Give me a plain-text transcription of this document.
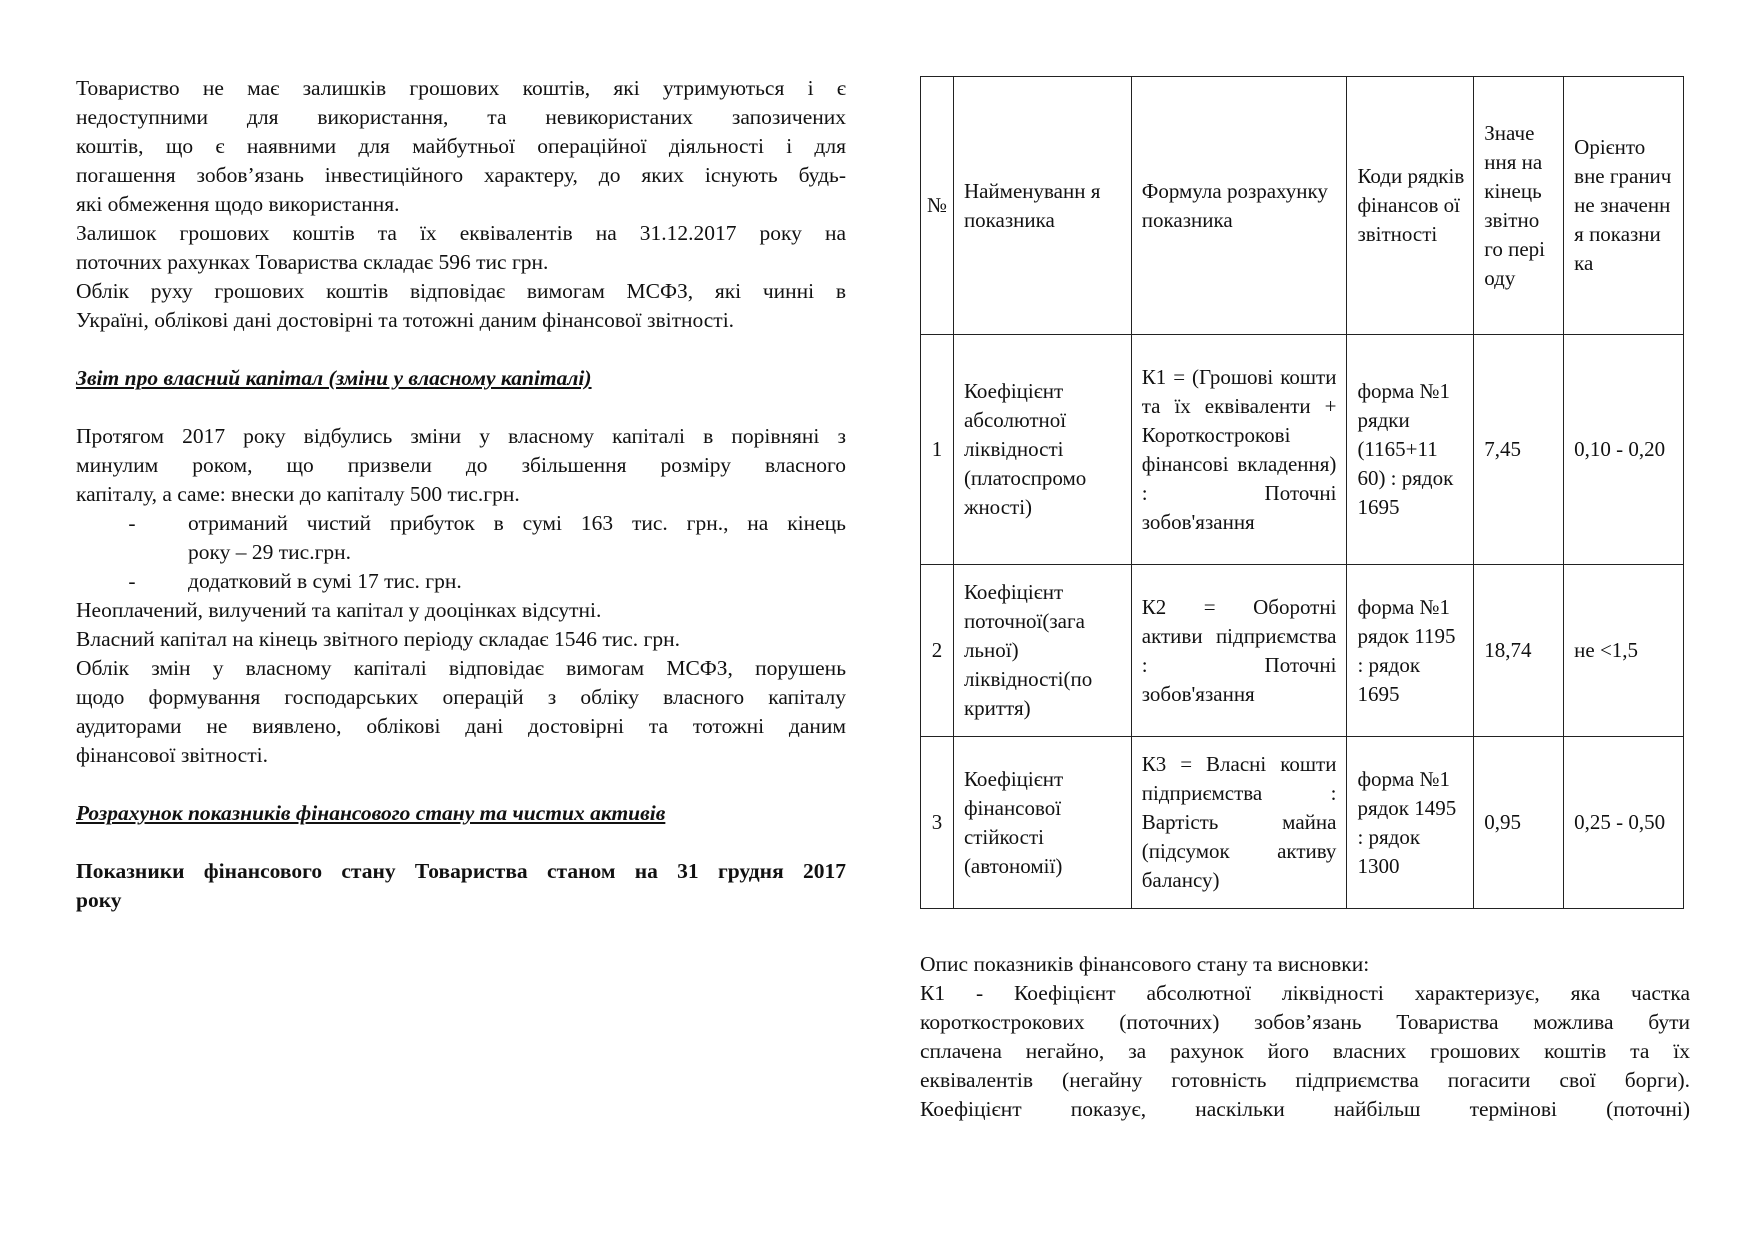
Товариство не має залишків грошових коштів, які утримуються і є

недоступними для використання, та невикористаних запозичених

коштів, що є наявними для майбутньої операційної діяльності і для

погашення зобов’язань інвестиційного характеру, до яких існують будь-

які обмеження щодо використання.

Залишок грошових коштів та їх еквівалентів на 31.12.2017 року на

поточних рахунках Товариства складає 596 тис грн.

Облік руху грошових коштів відповідає вимогам МСФЗ, які чинні в

Україні, облікові дані достовірні та тотожні даним фінансової звітності.

Звіт про власний капітал (зміни у власному капіталі)

Протягом 2017 року відбулись зміни у власному капіталі в порівняні з

минулим роком, що призвели до збільшення розміру власного

капіталу, а саме: внески до капіталу 500 тис.грн.

-	отриманий чистий прибуток в сумі 163 тис. грн., на кінець
року – 29 тис.грн.
-	додатковий в сумі 17 тис. грн.

Неоплачений, вилучений та капітал у дооцінках відсутні.

Власний капітал на кінець звітного періоду складає 1546 тис. грн.

Облік змін у власному капіталі відповідає вимогам МСФЗ, порушень

щодо формування господарських операцій з обліку власного капіталу

аудиторами не виявлено, облікові дані достовірні та тотожні даним

фінансової звітності.

Розрахунок показників фінансового стану та чистих активів

Показники фінансового стану Товариства станом на 31 грудня 2017

року

№	Найменуванн я показника	Формула розрахунку показника	Коди рядків фінансов ої звітності	Значе ння на кінець звітно го пері оду	Орієнто вне гранич не значенн я показни ка
1	Коефіцієнт абсолютної ліквідності (платоспромо жності)	К1 = (Грошові кошти та їх еквіваленти + Короткострокові фінансові вкладення) : Поточні зобов'язання	форма №1 рядки (1165+11 60) : рядок 1695	7,45	0,10 - 0,20
2	Коефіцієнт поточної(зага льної) ліквідності(по криття)	К2 = Оборотні активи підприємства : Поточні зобов'язання	форма №1 рядок 1195 : рядок 1695	18,74	не <1,5
3	Коефіцієнт фінансової стійкості (автономії)	К3 = Власні кошти підприємства : Вартість майна (підсумок активу балансу)	форма №1 рядок 1495 : рядок 1300	0,95	0,25 - 0,50

Опис показників фінансового стану та висновки:

К1 - Коефіцієнт абсолютної ліквідності характеризує, яка частка

короткострокових (поточних) зобов’язань Товариства можлива бути

сплачена негайно, за рахунок його власних грошових коштів та їх

еквівалентів (негайну готовність підприємства погасити свої борги).

Коефіцієнт показує, наскільки найбільш термінові (поточні)
